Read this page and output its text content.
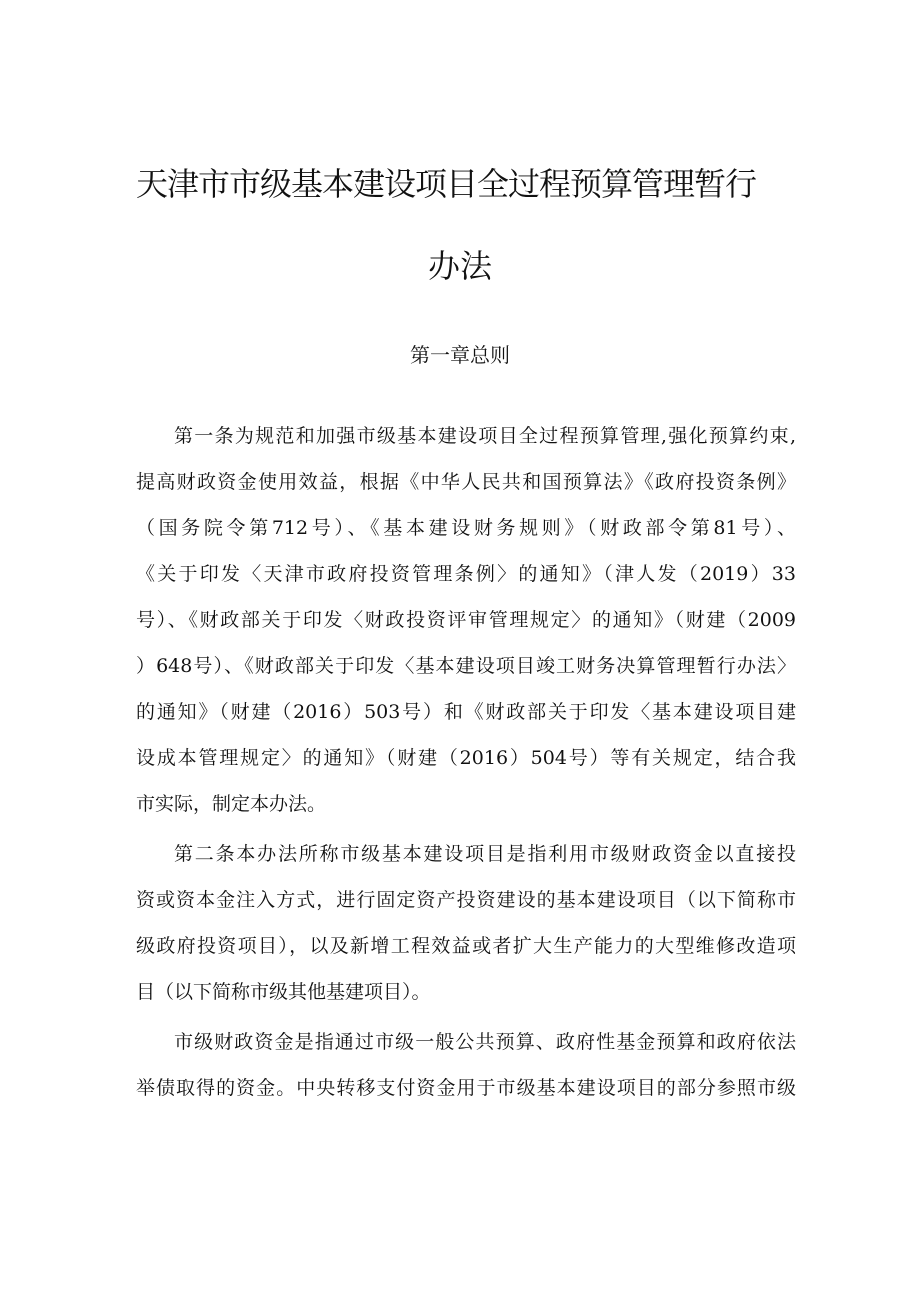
天津市市级基本建设项目全过程预算管理暂行
办法
第一章总则
第一条为规范和加强市级基本建设项目全过程预算管理,强化预算约束,
提高财政资金使用效益，根据《中华人民共和国预算法》《政府投资条例》
（国务院令第712号）、《基本建设财务规则》（财政部令第81号）、
《关于印发〈天津市政府投资管理条例〉的通知》（津人发（2019）33
号）、《财政部关于印发〈财政投资评审管理规定〉的通知》（财建（2009
）648号）、《财政部关于印发〈基本建设项目竣工财务决算管理暂行办法〉
的通知》（财建（2016）503号）和《财政部关于印发〈基本建设项目建
设成本管理规定〉的通知》（财建（2016）504号）等有关规定，结合我
市实际，制定本办法。
第二条本办法所称市级基本建设项目是指利用市级财政资金以直接投
资或资本金注入方式，进行固定资产投资建设的基本建设项目（以下简称市
级政府投资项目），以及新增工程效益或者扩大生产能力的大型维修改造项
目（以下简称市级其他基建项目）。
市级财政资金是指通过市级一般公共预算、政府性基金预算和政府依法
举债取得的资金。中央转移支付资金用于市级基本建设项目的部分参照市级
